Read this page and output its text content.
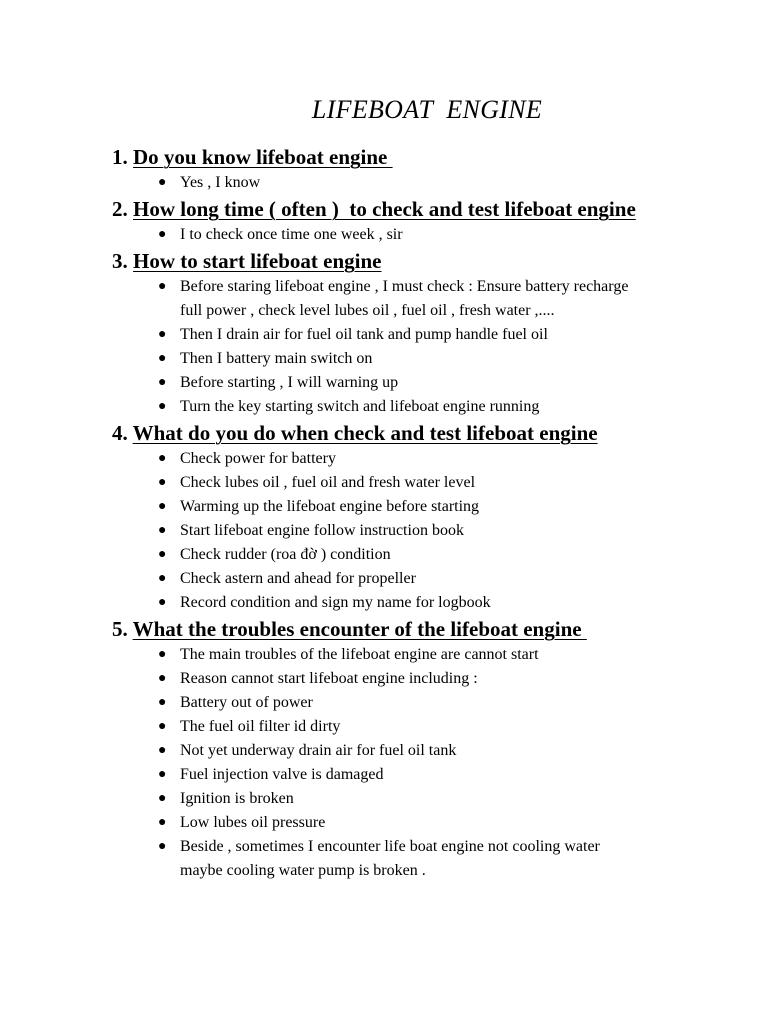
LIFEBOAT  ENGINE
1. Do you know lifeboat engine
● Yes , I know
2. How long time ( often )  to check and test lifeboat engine
● I to check once time one week , sir
3. How to start lifeboat engine
● Before staring lifeboat engine , I must check : Ensure battery recharge
full power , check level lubes oil , fuel oil , fresh water ,....
● Then I drain air for fuel oil tank and pump handle fuel oil
● Then I battery main switch on
● Before starting , I will warning up
● Turn the key starting switch and lifeboat engine running
4. What do you do when check and test lifeboat engine
● Check power for battery
● Check lubes oil , fuel oil and fresh water level
● Warming up the lifeboat engine before starting
● Start lifeboat engine follow instruction book
● Check rudder (roa đờ ) condition
● Check astern and ahead for propeller
● Record condition and sign my name for logbook
5. What the troubles encounter of the lifeboat engine
● The main troubles of the lifeboat engine are cannot start
● Reason cannot start lifeboat engine including :
● Battery out of power
● The fuel oil filter id dirty
● Not yet underway drain air for fuel oil tank
● Fuel injection valve is damaged
● Ignition is broken
● Low lubes oil pressure
● Beside , sometimes I encounter life boat engine not cooling water
maybe cooling water pump is broken .
